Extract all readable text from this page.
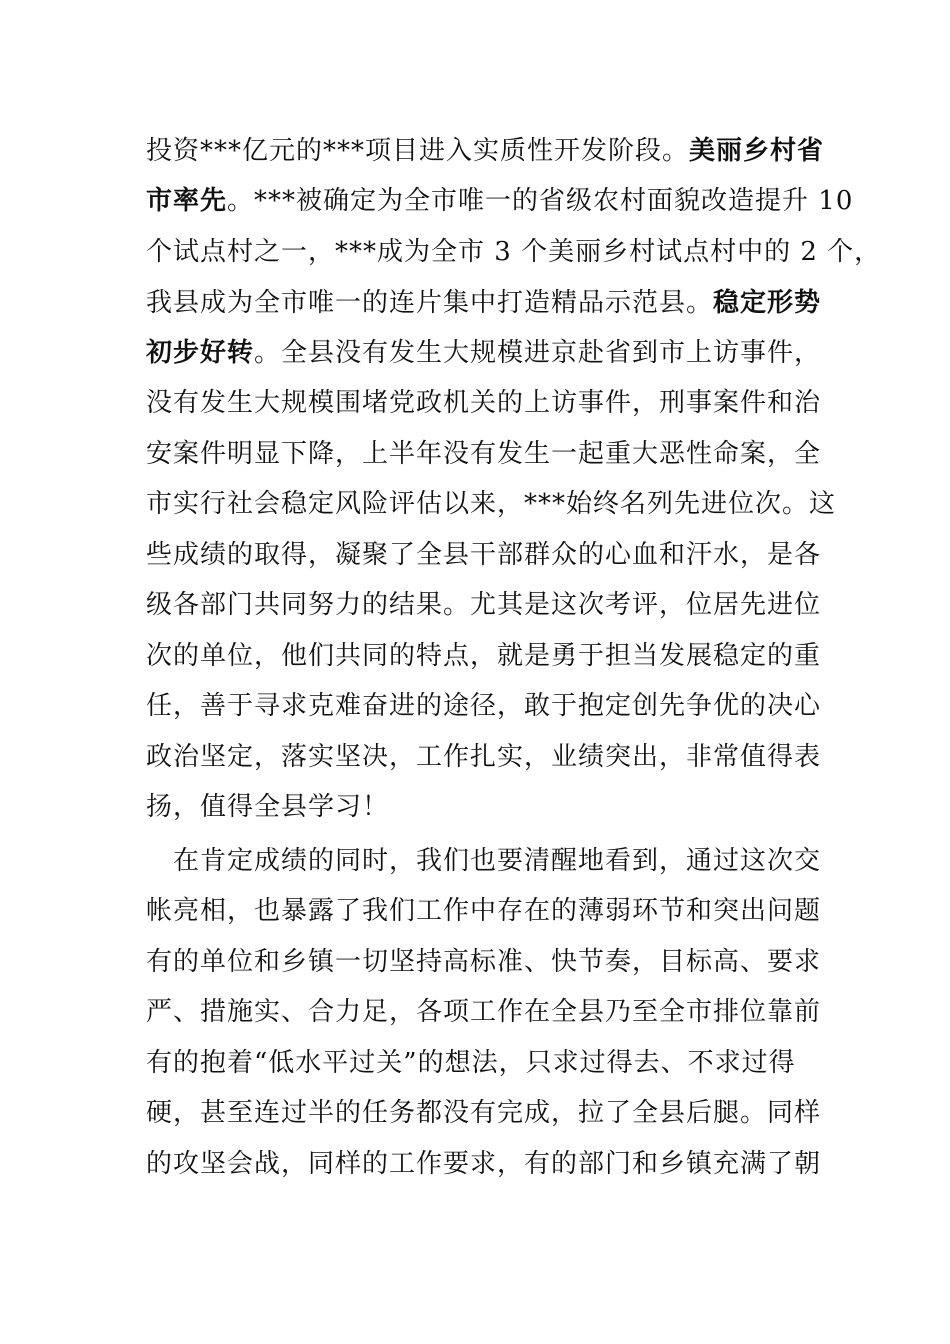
投资***亿元的***项目进入实质性开发阶段。美丽乡村省
市率先。***被确定为全市唯一的省级农村面貌改造提升 10
个试点村之一，***成为全市 3 个美丽乡村试点村中的 2 个，
我县成为全市唯一的连片集中打造精品示范县。稳定形势
初步好转。全县没有发生大规模进京赴省到市上访事件，
没有发生大规模围堵党政机关的上访事件，刑事案件和治
安案件明显下降，上半年没有发生一起重大恶性命案，全
市实行社会稳定风险评估以来，***始终名列先进位次。这
些成绩的取得，凝聚了全县干部群众的心血和汗水，是各
级各部门共同努力的结果。尤其是这次考评，位居先进位
次的单位，他们共同的特点，就是勇于担当发展稳定的重
任，善于寻求克难奋进的途径，敢于抱定创先争优的决心
政治坚定，落实坚决，工作扎实，业绩突出，非常值得表
扬，值得全县学习！
　在肯定成绩的同时，我们也要清醒地看到，通过这次交
帐亮相，也暴露了我们工作中存在的薄弱环节和突出问题
有的单位和乡镇一切坚持高标准、快节奏，目标高、要求
严、措施实、合力足，各项工作在全县乃至全市排位靠前
有的抱着“低水平过关”的想法，只求过得去、不求过得
硬，甚至连过半的任务都没有完成，拉了全县后腿。同样
的攻坚会战，同样的工作要求，有的部门和乡镇充满了朝
